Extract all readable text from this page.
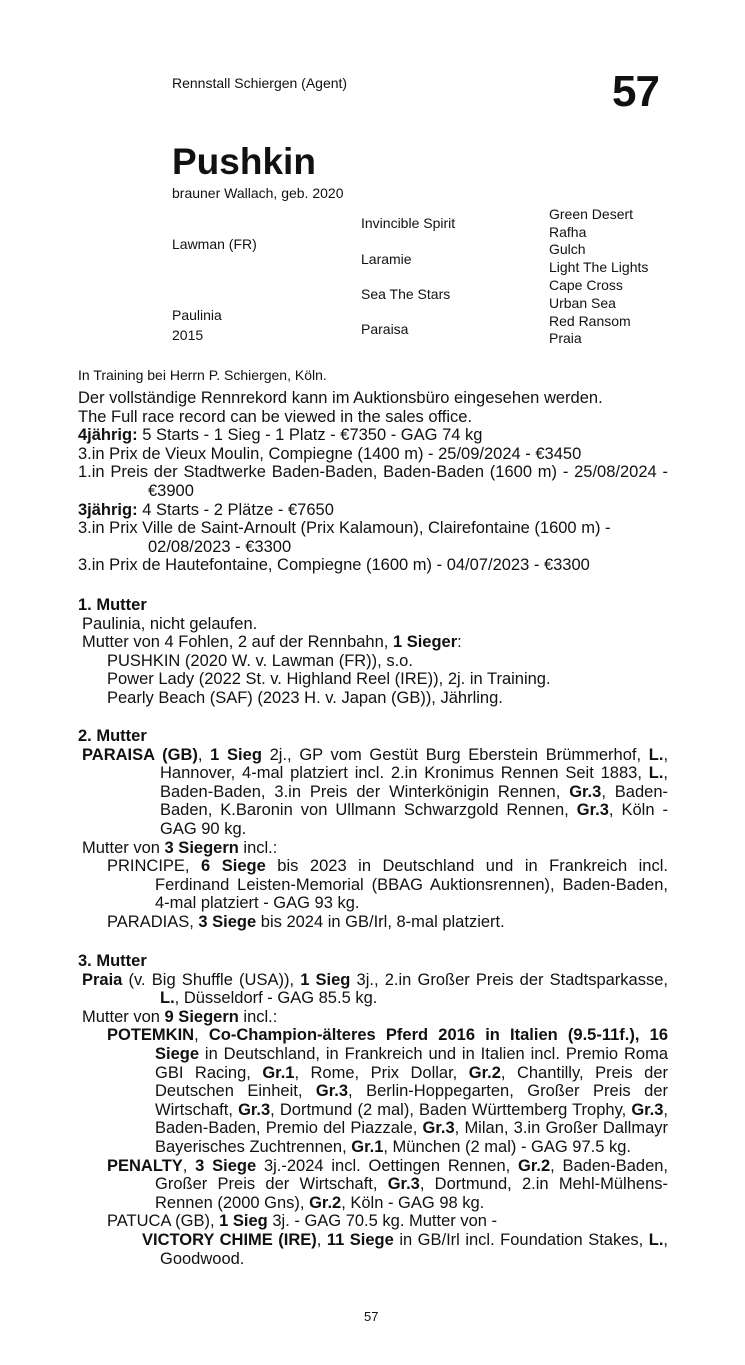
Rennstall Schiergen (Agent)	57
Pushkin
brauner Wallach, geb. 2020
Lawman (FR)
Paulinia
2015
Invincible Spirit
Laramie
Sea The Stars
Paraisa
Green Desert
Rafha
Gulch
Light The Lights
Cape Cross
Urban Sea
Red Ransom
Praia
In Training bei Herrn P. Schiergen, Köln.

Der vollständige Rennrekord kann im Auktionsbüro eingesehen werden.

The Full race record can be viewed in the sales office.

4jährig: 5 Starts - 1 Sieg - 1 Platz - €7350 - GAG 74 kg

3.in Prix de Vieux Moulin, Compiegne (1400 m) - 25/09/2024 - €3450

1.in Preis der Stadtwerke Baden-Baden, Baden-Baden (1600 m) - 25/08/2024 - €3900

3jährig: 4 Starts - 2 Plätze - €7650

3.in Prix Ville de Saint-Arnoult (Prix Kalamoun), Clairefontaine (1600 m) - 02/08/2023 - €3300

3.in Prix de Hautefontaine, Compiegne (1600 m) - 04/07/2023 - €3300

1. Mutter

Paulinia, nicht gelaufen.

Mutter von 4 Fohlen, 2 auf der Rennbahn, 1 Sieger:

PUSHKIN (2020 W. v. Lawman (FR)), s.o.

Power Lady (2022 St. v. Highland Reel (IRE)), 2j. in Training.

Pearly Beach (SAF) (2023 H. v. Japan (GB)), Jährling.

2. Mutter

PARAISA (GB), 1 Sieg 2j., GP vom Gestüt Burg Eberstein Brümmerhof, L., Hannover, 4-mal platziert incl. 2.in Kronimus Rennen Seit 1883, L., Baden-Baden, 3.in Preis der Winterkönigin Rennen, Gr.3, Baden-Baden, K.Baronin von Ullmann Schwarzgold Rennen, Gr.3, Köln - GAG 90 kg.

Mutter von 3 Siegern incl.:

PRINCIPE, 6 Siege bis 2023 in Deutschland und in Frankreich incl. Ferdinand Leisten-Memorial (BBAG Auktionsrennen), Baden-Baden, 4-mal platziert - GAG 93 kg.

PARADIAS, 3 Siege bis 2024 in GB/Irl, 8-mal platziert.

3. Mutter

Praia (v. Big Shuffle (USA)), 1 Sieg 3j., 2.in Großer Preis der Stadtsparkasse, L., Düsseldorf - GAG 85.5 kg.

Mutter von 9 Siegern incl.:

POTEMKIN, Co-Champion-älteres Pferd 2016 in Italien (9.5-11f.), 16 Siege in Deutschland, in Frankreich und in Italien incl. Premio Roma GBI Racing, Gr.1, Rome, Prix Dollar, Gr.2, Chantilly, Preis der Deutschen Einheit, Gr.3, Berlin-Hoppegarten, Großer Preis der Wirtschaft, Gr.3, Dortmund (2 mal), Baden Württemberg Trophy, Gr.3, Baden-Baden, Premio del Piazzale, Gr.3, Milan, 3.in Großer Dallmayr Bayerisches Zuchtrennen, Gr.1, München (2 mal) - GAG 97.5 kg.

PENALTY, 3 Siege 3j.-2024 incl. Oettingen Rennen, Gr.2, Baden-Baden, Großer Preis der Wirtschaft, Gr.3, Dortmund, 2.in Mehl-Mülhens-Rennen (2000 Gns), Gr.2, Köln - GAG 98 kg.

PATUCA (GB), 1 Sieg 3j. - GAG 70.5 kg. Mutter von -

VICTORY CHIME (IRE), 11 Siege in GB/Irl incl. Foundation Stakes, L., Goodwood.

57
